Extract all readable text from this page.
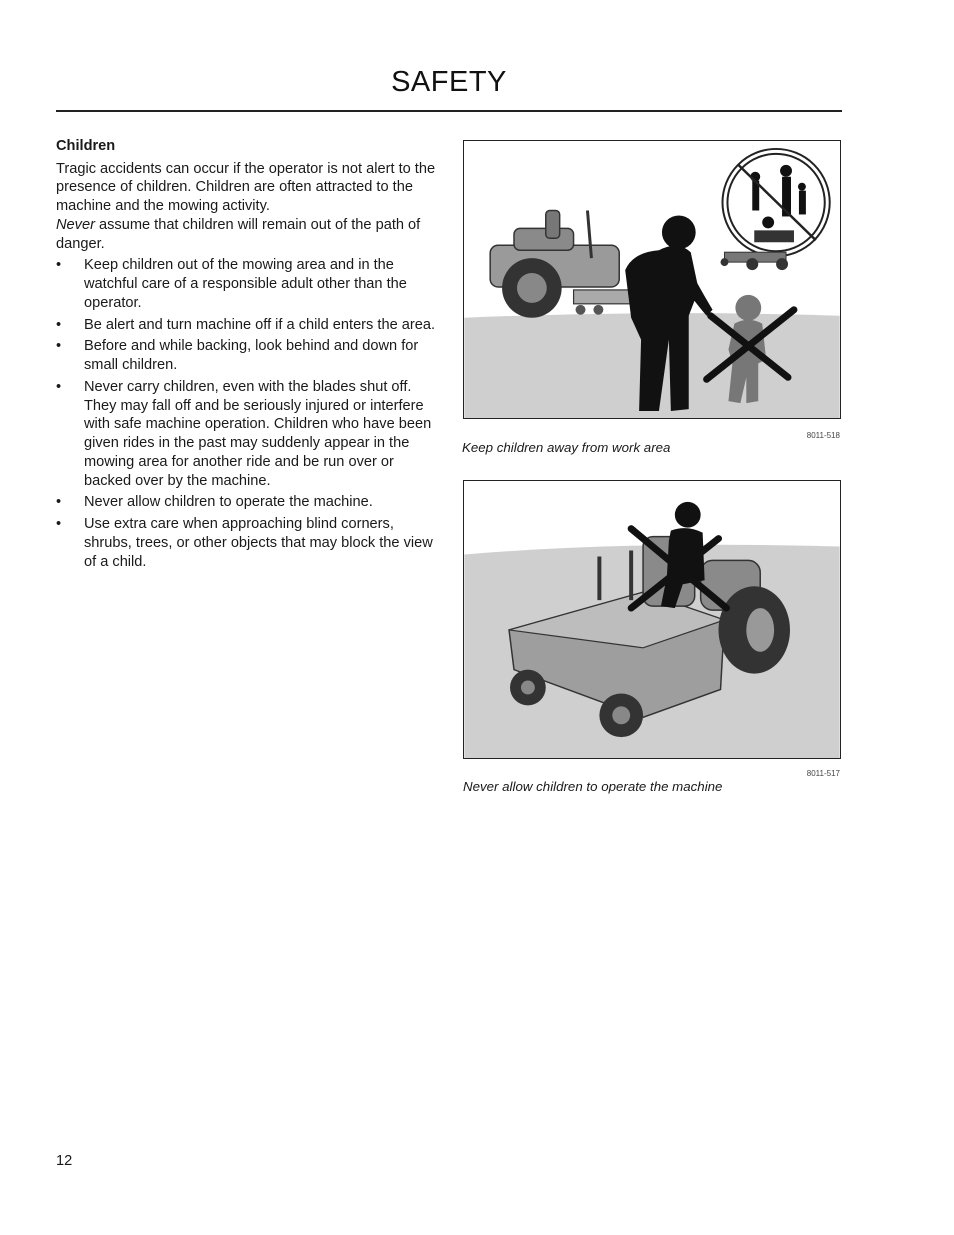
SAFETY

Children

Tragic accidents can occur if the operator is not alert to the presence of children. Children are often attracted to the machine and the mowing activity.
Never assume that children will remain out of the path of danger.

• Keep children out of the mowing area and in the watchful care of a responsible adult other than the operator.
• Be alert and turn machine off if a child enters the area.
• Before and while backing, look behind and down for small children.
• Never carry children, even with the blades shut off. They may fall off and be seriously injured or interfere with safe machine operation. Children who have been given rides in the past may suddenly appear in the mowing area for another ride and be run over or backed over by the machine.
• Never allow children to operate the machine.
• Use extra care when approaching blind corners, shrubs, trees, or other objects that may block the view of a child.
8011-518
Keep children away from work area
8011-517
Never allow children to operate the machine
12
